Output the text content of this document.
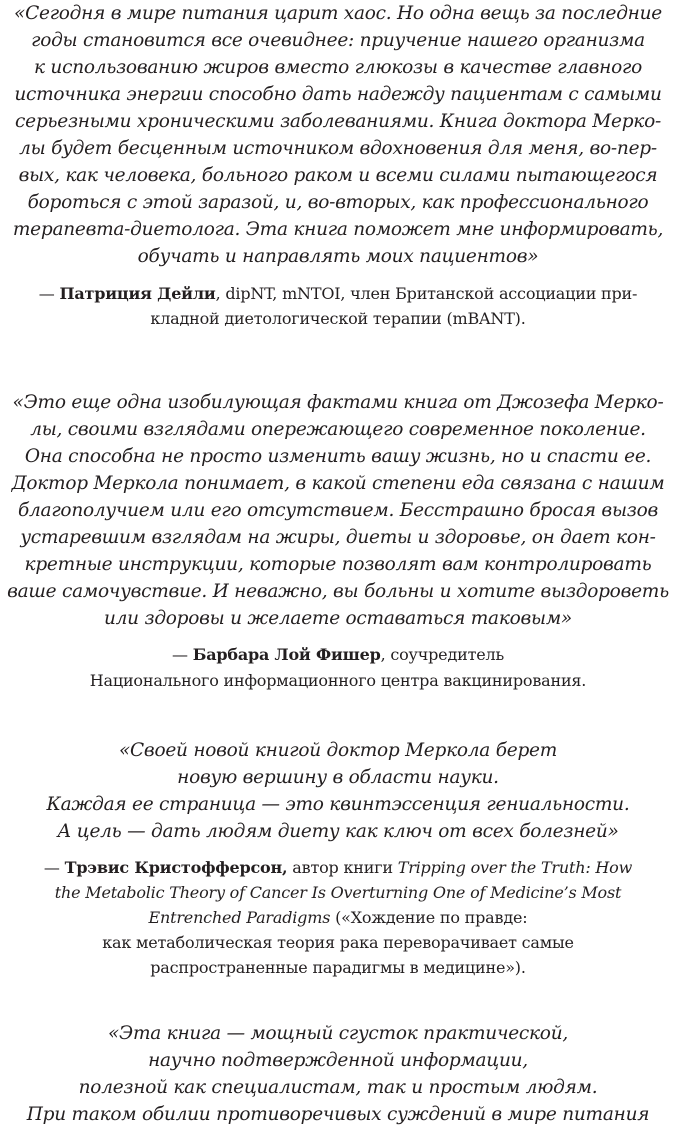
«Сегодня в мире питания царит хаос. Но одна вещь за последние
годы становится все очевиднее: приучение нашего организма
к использованию жиров вместо глюкозы в качестве главного
источника энергии способно дать надежду пациентам с самыми
серьезными хроническими заболеваниями. Книга доктора Мерко-
лы будет бесценным источником вдохновения для меня, во-пер-
вых, как человека, больного раком и всеми силами пытающегося
бороться с этой заразой, и, во-вторых, как профессионального
терапевта-диетолога. Эта книга поможет мне информировать,
обучать и направлять моих пациентов»
— Патриция Дейли, dipNT, mNTOI, член Британской ассоциации при-
кладной диетологической терапии (mBANT).
«Это еще одна изобилующая фактами книга от Джозефа Мерко-
лы, своими взглядами опережающего современное поколение.
Она способна не просто изменить вашу жизнь, но и спасти ее.
Доктор Меркола понимает, в какой степени еда связана с нашим
благополучием или его отсутствием. Бесстрашно бросая вызов
устаревшим взглядам на жиры, диеты и здоровье, он дает кон-
кретные инструкции, которые позволят вам контролировать
ваше самочувствие. И неважно, вы больны и хотите выздороветь
или здоровы и желаете оставаться таковым»
— Барбара Лой Фишер, соучредитель
Национального информационного центра вакцинирования.
«Своей новой книгой доктор Меркола берет
новую вершину в области науки.
Каждая ее страница — это квинтэссенция гениальности.
А цель — дать людям диету как ключ от всех болезней»
— Трэвис Кристофферсон, автор книги Tripping over the Truth: How
the Metabolic Theory of Cancer Is Overturning One of Medicine’s Most
Entrenched Paradigms («Хождение по правде:
как метаболическая теория рака переворачивает самые
распространенные парадигмы в медицине»).
«Эта книга — мощный сгусток практической,
научно подтвержденной информации,
полезной как специалистам, так и простым людям.
При таком обилии противоречивых суждений в мире питания
